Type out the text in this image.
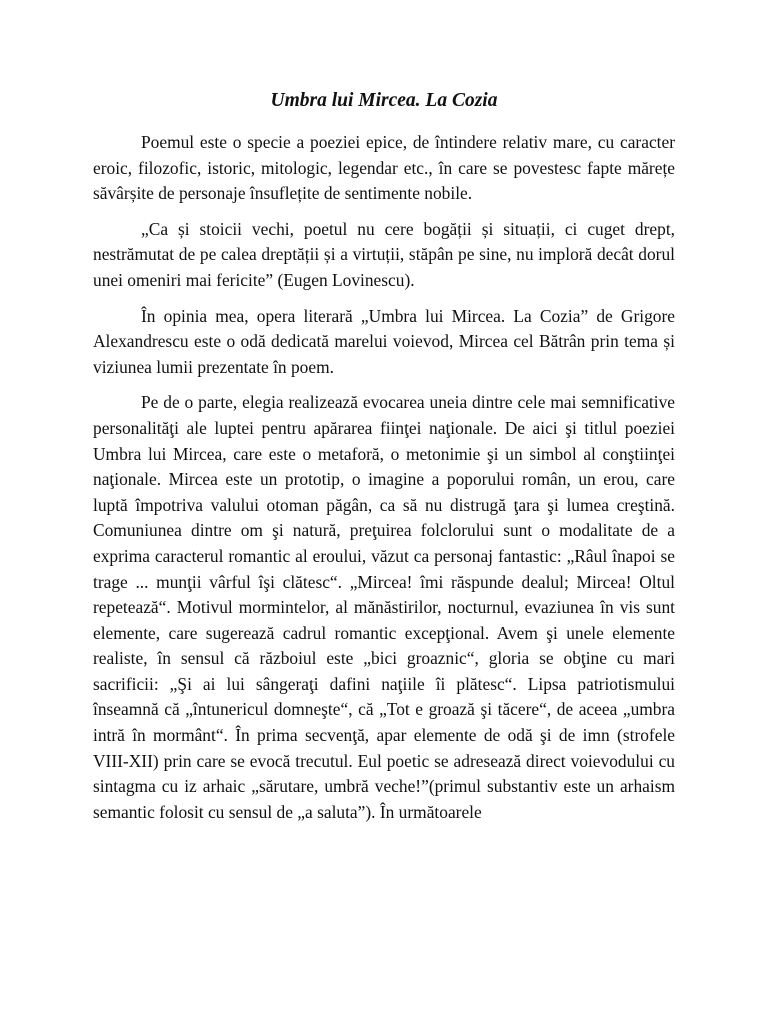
Umbra lui Mircea. La Cozia

Poemul este o specie a poeziei epice, de întindere relativ mare, cu caracter eroic, filozofic, istoric, mitologic, legendar etc., în care se povestesc fapte mărețe săvârșite de personaje însuflețite de sentimente nobile.

„Ca și stoicii vechi, poetul nu cere bogății și situații, ci cuget drept, nestrămutat de pe calea dreptății și a virtuții, stăpân pe sine, nu imploră decât dorul unei omeniri mai fericite” (Eugen Lovinescu).

În opinia mea, opera literară „Umbra lui Mircea. La Cozia” de Grigore Alexandrescu este o odă dedicată marelui voievod, Mircea cel Bătrân prin tema și viziunea lumii prezentate în poem.

Pe de o parte, elegia realizează evocarea uneia dintre cele mai semnificative personalităţi ale luptei pentru apărarea fiinţei naţionale. De aici şi titlul poeziei Umbra lui Mircea, care este o metaforă, o metonimie şi un simbol al conştiinţei naţionale. Mircea este un prototip, o imagine a poporului român, un erou, care luptă împotriva valului otoman păgân, ca să nu distrugă ţara şi lumea creştină. Comuniunea dintre om şi natură, preţuirea folclorului sunt o modalitate de a exprima caracterul romantic al eroului, văzut ca personaj fantastic: „Râul înapoi se trage ... munţii vârful îşi clătesc“. „Mircea! îmi răspunde dealul; Mircea! Oltul repetează“. Motivul mormintelor, al mănăstirilor, nocturnul, evaziunea în vis sunt elemente, care sugerează cadrul romantic excepţional. Avem şi unele elemente realiste, în sensul că războiul este „bici groaznic“, gloria se obţine cu mari sacrificii: „Şi ai lui sângeraţi dafini naţiile îi plătesc“. Lipsa patriotismului înseamnă că „întunericul domneşte“, că „Tot e groază şi tăcere“, de aceea „umbra intră în mormânt“. În prima secvenţă, apar elemente de odă şi de imn (strofele VIII-XII) prin care se evocă trecutul. Eul poetic se adresează direct voievodului cu sintagma cu iz arhaic „sărutare, umbră veche!”(primul substantiv este un arhaism semantic folosit cu sensul de „a saluta”). În următoarele
